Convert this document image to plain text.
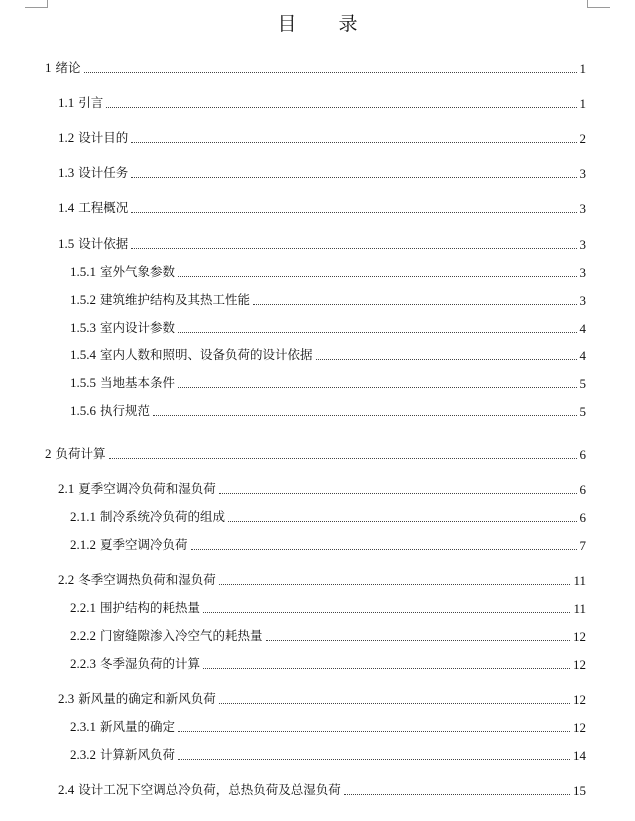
目 录
1 绪论	1
1.1 引言	1
1.2 设计目的	2
1.3 设计任务	3
1.4 工程概况	3
1.5 设计依据	3
1.5.1 室外气象参数	3
1.5.2 建筑维护结构及其热工性能	3
1.5.3 室内设计参数	4
1.5.4 室内人数和照明、设备负荷的设计依据	4
1.5.5 当地基本条件	5
1.5.6 执行规范	5
2 负荷计算	6
2.1 夏季空调冷负荷和湿负荷	6
2.1.1 制冷系统冷负荷的组成	6
2.1.2 夏季空调冷负荷	7
2.2 冬季空调热负荷和湿负荷	11
2.2.1 围护结构的耗热量	11
2.2.2 门窗缝隙渗入冷空气的耗热量	12
2.2.3 冬季湿负荷的计算	12
2.3 新风量的确定和新风负荷	12
2.3.1 新风量的确定	12
2.3.2 计算新风负荷	14
2.4 设计工况下空调总冷负荷，总热负荷及总湿负荷	15
